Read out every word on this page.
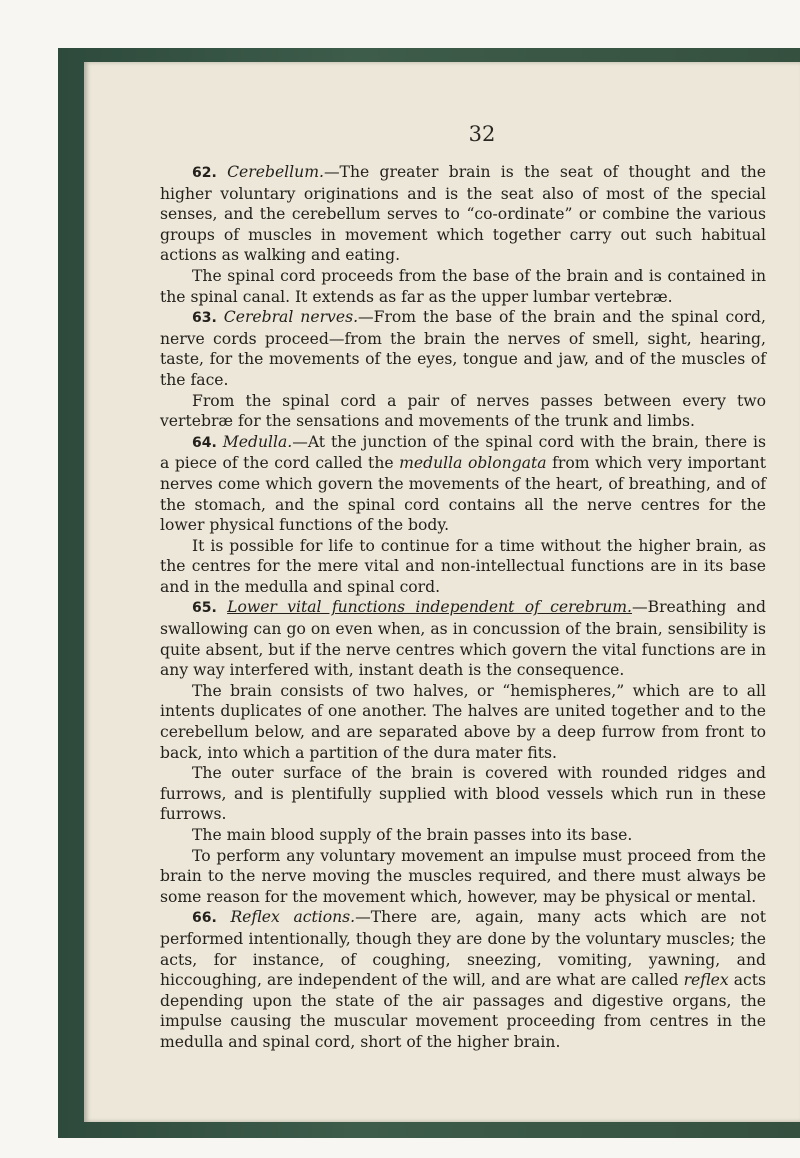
32

62. Cerebellum.—The greater brain is the seat of thought and the higher voluntary originations and is the seat also of most of the special senses, and the cerebellum serves to “co-ordinate” or combine the various groups of muscles in movement which together carry out such habitual actions as walking and eating.

The spinal cord proceeds from the base of the brain and is contained in the spinal canal. It extends as far as the upper lumbar vertebræ.

63. Cerebral nerves.—From the base of the brain and the spinal cord, nerve cords proceed—from the brain the nerves of smell, sight, hearing, taste, for the movements of the eyes, tongue and jaw, and of the muscles of the face.

From the spinal cord a pair of nerves passes between every two vertebræ for the sensations and movements of the trunk and limbs.

64. Medulla.—At the junction of the spinal cord with the brain, there is a piece of the cord called the medulla oblongata from which very important nerves come which govern the movements of the heart, of breathing, and of the stomach, and the spinal cord contains all the nerve centres for the lower physical functions of the body.

It is possible for life to continue for a time without the higher brain, as the centres for the mere vital and non-intellectual functions are in its base and in the medulla and spinal cord.

65. Lower vital functions independent of cerebrum.—Breathing and swallowing can go on even when, as in concussion of the brain, sensibility is quite absent, but if the nerve centres which govern the vital functions are in any way interfered with, instant death is the consequence.

The brain consists of two halves, or “hemispheres,” which are to all intents duplicates of one another. The halves are united together and to the cerebellum below, and are separated above by a deep furrow from front to back, into which a partition of the dura mater fits.

The outer surface of the brain is covered with rounded ridges and furrows, and is plentifully supplied with blood vessels which run in these furrows.

The main blood supply of the brain passes into its base.

To perform any voluntary movement an impulse must proceed from the brain to the nerve moving the muscles required, and there must always be some reason for the movement which, however, may be physical or mental.

66. Reflex actions.—There are, again, many acts which are not performed intentionally, though they are done by the voluntary muscles; the acts, for instance, of coughing, sneezing, vomiting, yawning, and hiccoughing, are independent of the will, and are what are called reflex acts depending upon the state of the air passages and digestive organs, the impulse causing the muscular movement proceeding from centres in the medulla and spinal cord, short of the higher brain.
